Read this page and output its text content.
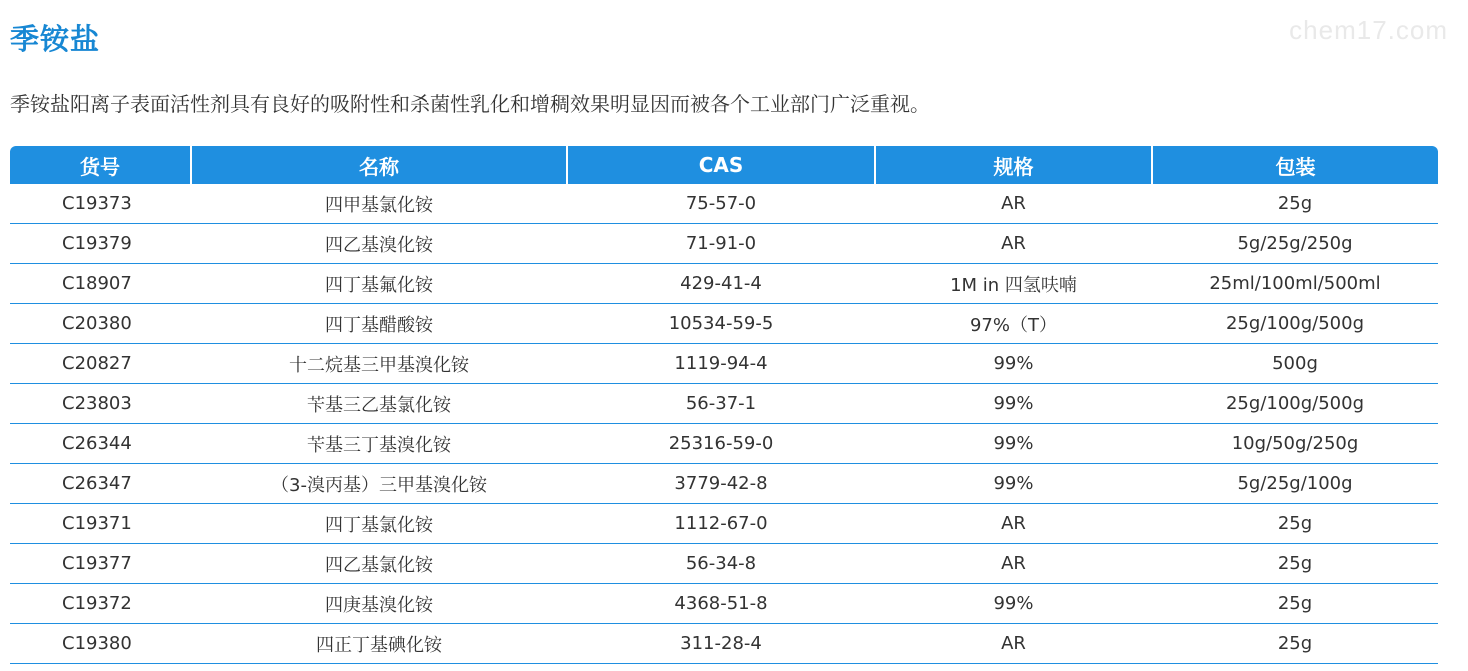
季铵盐	chem17.com
季铵盐阳离子表面活性剂具有良好的吸附性和杀菌性乳化和增稠效果明显因而被各个工业部门广泛重视。
货号	名称	CAS	规格	包装
C19373	四甲基氯化铵	75-57-0	AR	25g
C19379	四乙基溴化铵	71-91-0	AR	5g/25g/250g
C18907	四丁基氟化铵	429-41-4	1M in 四氢呋喃	25ml/100ml/500ml
C20380	四丁基醋酸铵	10534-59-5	97%（T）	25g/100g/500g
C20827	十二烷基三甲基溴化铵	1119-94-4	99%	500g
C23803	苄基三乙基氯化铵	56-37-1	99%	25g/100g/500g
C26344	苄基三丁基溴化铵	25316-59-0	99%	10g/50g/250g
C26347	（3-溴丙基）三甲基溴化铵	3779-42-8	99%	5g/25g/100g
C19371	四丁基氯化铵	1112-67-0	AR	25g
C19377	四乙基氯化铵	56-34-8	AR	25g
C19372	四庚基溴化铵	4368-51-8	99%	25g
C19380	四正丁基碘化铵	311-28-4	AR	25g
